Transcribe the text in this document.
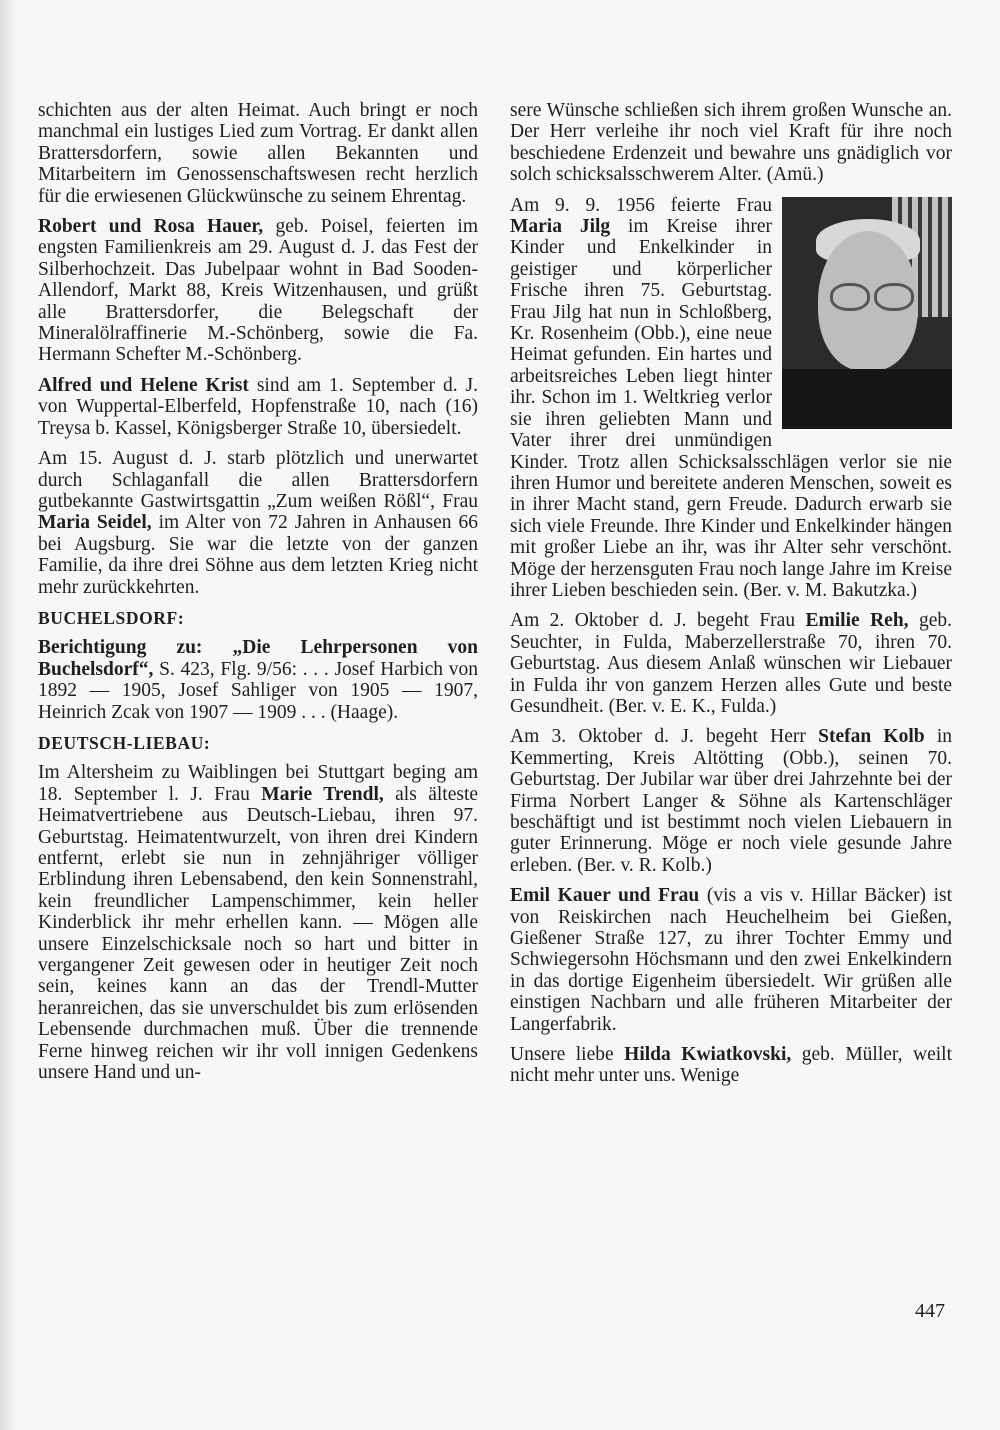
schichten aus der alten Heimat. Auch bringt er noch manchmal ein lustiges Lied zum Vortrag. Er dankt allen Brattersdorfern, sowie allen Bekannten und Mitarbeitern im Genossenschaftswesen recht herzlich für die erwiesenen Glückwünsche zu seinem Ehrentag.

Robert und Rosa Hauer, geb. Poisel, feierten im engsten Familienkreis am 29. August d. J. das Fest der Silberhochzeit. Das Jubelpaar wohnt in Bad Sooden-Allendorf, Markt 88, Kreis Witzenhausen, und grüßt alle Brattersdorfer, die Belegschaft der Mineralölraffinerie M.-Schönberg, sowie die Fa. Hermann Schefter M.-Schönberg.

Alfred und Helene Krist sind am 1. September d. J. von Wuppertal-Elberfeld, Hopfenstraße 10, nach (16) Treysa b. Kassel, Königsberger Straße 10, übersiedelt.

Am 15. August d. J. starb plötzlich und unerwartet durch Schlaganfall die allen Brattersdorfern gutbekannte Gastwirtsgattin „Zum weißen Rößl“, Frau Maria Seidel, im Alter von 72 Jahren in Anhausen 66 bei Augsburg. Sie war die letzte von der ganzen Familie, da ihre drei Söhne aus dem letzten Krieg nicht mehr zurückkehrten.

BUCHELSDORF:

Berichtigung zu: „Die Lehrpersonen von Buchelsdorf“, S. 423, Flg. 9/56: . . . Josef Harbich von 1892 — 1905, Josef Sahliger von 1905 — 1907, Heinrich Zcak von 1907 — 1909 . . . (Haage).

DEUTSCH-LIEBAU:

Im Altersheim zu Waiblingen bei Stuttgart beging am 18. September l. J. Frau Marie Trendl, als älteste Heimatvertriebene aus Deutsch-Liebau, ihren 97. Geburtstag. Heimatentwurzelt, von ihren drei Kindern entfernt, erlebt sie nun in zehnjähriger völliger Erblindung ihren Lebensabend, den kein Sonnenstrahl, kein freundlicher Lampenschimmer, kein heller Kinderblick ihr mehr erhellen kann. — Mögen alle unsere Einzelschicksale noch so hart und bitter in vergangener Zeit gewesen oder in heutiger Zeit noch sein, keines kann an das der Trendl-Mutter heranreichen, das sie unverschuldet bis zum erlösenden Lebensende durchmachen muß. Über die trennende Ferne hinweg reichen wir ihr voll innigen Gedenkens unsere Hand und un-

sere Wünsche schließen sich ihrem großen Wunsche an. Der Herr verleihe ihr noch viel Kraft für ihre noch beschiedene Erdenzeit und bewahre uns gnädiglich vor solch schicksalsschwerem Alter. (Amü.)

Am 9. 9. 1956 feierte Frau Maria Jilg im Kreise ihrer Kinder und Enkelkinder in geistiger und körperlicher Frische ihren 75. Geburtstag. Frau Jilg hat nun in Schloßberg, Kr. Rosenheim (Obb.), eine neue Heimat gefunden. Ein hartes und arbeitsreiches Leben liegt hinter ihr. Schon im 1. Weltkrieg verlor sie ihren geliebten Mann und Vater ihrer drei unmündigen Kinder. Trotz allen Schicksalsschlägen verlor sie nie ihren Humor und bereitete anderen Menschen, soweit es in ihrer Macht stand, gern Freude. Dadurch erwarb sie sich viele Freunde. Ihre Kinder und Enkelkinder hängen mit großer Liebe an ihr, was ihr Alter sehr verschönt. Möge der herzensguten Frau noch lange Jahre im Kreise ihrer Lieben beschieden sein. (Ber. v. M. Bakutzka.)

Am 2. Oktober d. J. begeht Frau Emilie Reh, geb. Seuchter, in Fulda, Maberzellerstraße 70, ihren 70. Geburtstag. Aus diesem Anlaß wünschen wir Liebauer in Fulda ihr von ganzem Herzen alles Gute und beste Gesundheit. (Ber. v. E. K., Fulda.)

Am 3. Oktober d. J. begeht Herr Stefan Kolb in Kemmerting, Kreis Altötting (Obb.), seinen 70. Geburtstag. Der Jubilar war über drei Jahrzehnte bei der Firma Norbert Langer & Söhne als Kartenschläger beschäftigt und ist bestimmt noch vielen Liebauern in guter Erinnerung. Möge er noch viele gesunde Jahre erleben. (Ber. v. R. Kolb.)

Emil Kauer und Frau (vis a vis v. Hillar Bäcker) ist von Reiskirchen nach Heuchelheim bei Gießen, Gießener Straße 127, zu ihrer Tochter Emmy und Schwiegersohn Höchsmann und den zwei Enkelkindern in das dortige Eigenheim übersiedelt. Wir grüßen alle einstigen Nachbarn und alle früheren Mitarbeiter der Langerfabrik.

Unsere liebe Hilda Kwiatkovski, geb. Müller, weilt nicht mehr unter uns. Wenige

447
